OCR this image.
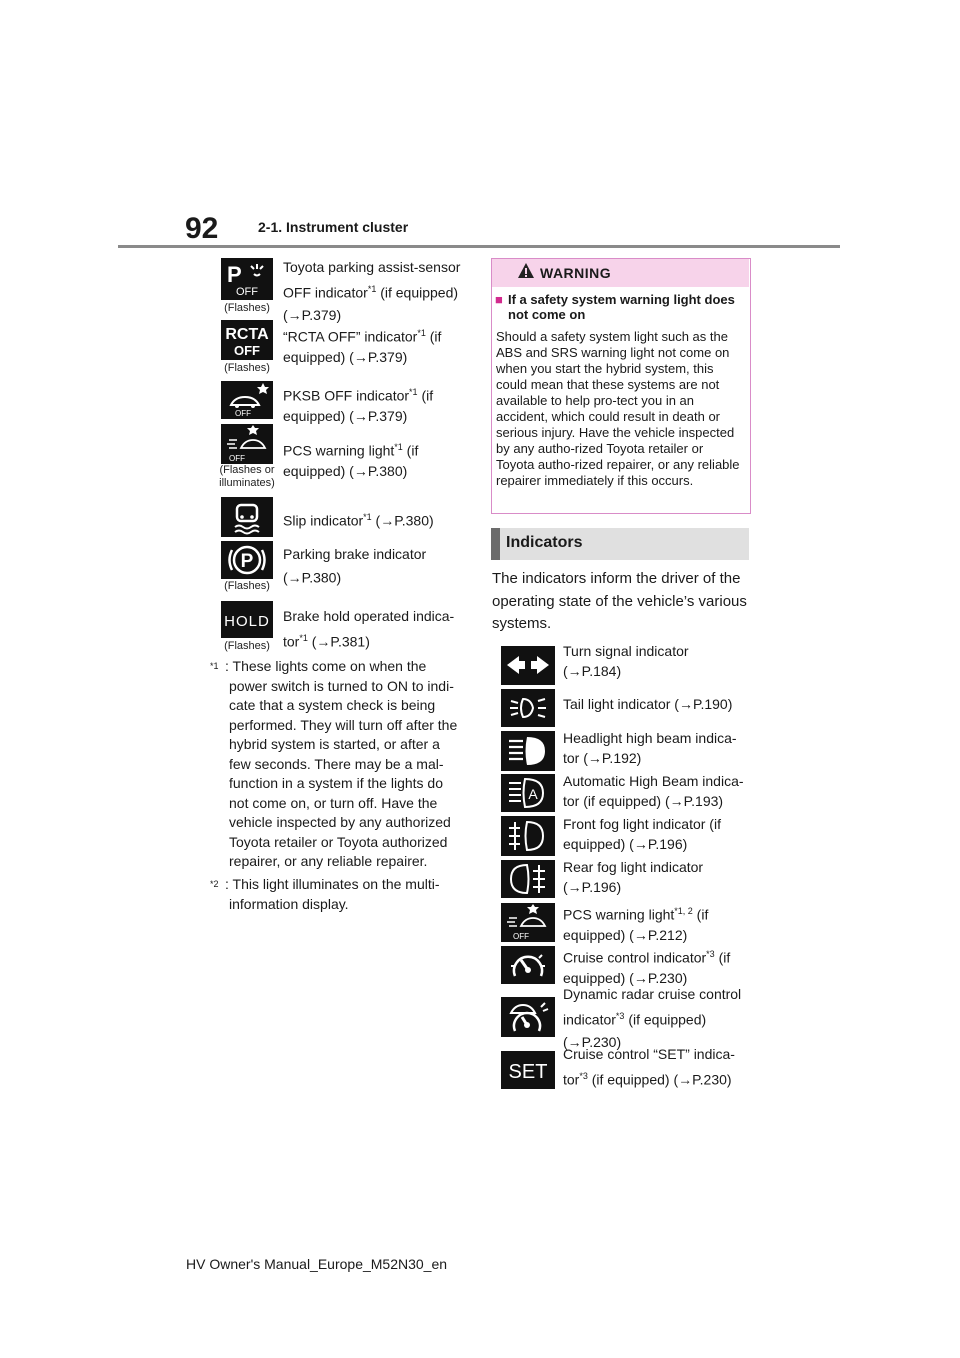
92	2-1. Instrument cluster
P
OFF
(Flashes)
Toyota parking assist-sensor OFF indicator$^{*1}$ (if equipped) (→P.379)
RCTA
OFF
(Flashes)
“RCTA OFF” indicator$^{*1}$ (if equipped) (→P.379)
OFF
PKSB OFF indicator$^{*1}$ (if equipped) (→P.379)
OFF
(Flashes or illuminates)
PCS warning light$^{*1}$ (if equipped) (→P.380)
Slip indicator$^{*1}$ (→P.380)
P
(Flashes)
Parking brake indicator (→P.380)
HOLD
(Flashes)
Brake hold operated indica-tor$^{*1}$ (→P.381)
*1 : These lights come on when the power switch is turned to ON to indi-cate that a system check is being performed. They will turn off after the hybrid system is started, or after a few seconds. There may be a mal-function in a system if the lights do not come on, or turn off. Have the vehicle inspected by any authorized Toyota retailer or Toyota authorized repairer, or any reliable repairer.
*2 : This light illuminates on the multi-information display.
WARNING
■ If a safety system warning light does not come on
Should a safety system light such as the ABS and SRS warning light not come on when you start the hybrid system, this could mean that these systems are not available to help pro-tect you in an accident, which could result in death or serious injury. Have the vehicle inspected by any autho-rized Toyota retailer or Toyota autho-rized repairer, or any reliable repairer immediately if this occurs.
Indicators
The indicators inform the driver of the operating state of the vehicle’s various systems.
Turn signal indicator (→P.184)
Tail light indicator (→P.190)
Headlight high beam indica-tor (→P.192)
A
Automatic High Beam indica-tor (if equipped) (→P.193)
Front fog light indicator (if equipped) (→P.196)
Rear fog light indicator (→P.196)
OFF
PCS warning light$^{*1, 2}$ (if equipped) (→P.212)
Cruise control indicator$^{*3}$ (if equipped) (→P.230)
Dynamic radar cruise control indicator$^{*3}$ (if equipped) (→P.230)
SET
Cruise control “SET” indica-tor$^{*3}$ (if equipped) (→P.230)
HV Owner's Manual_Europe_M52N30_en
